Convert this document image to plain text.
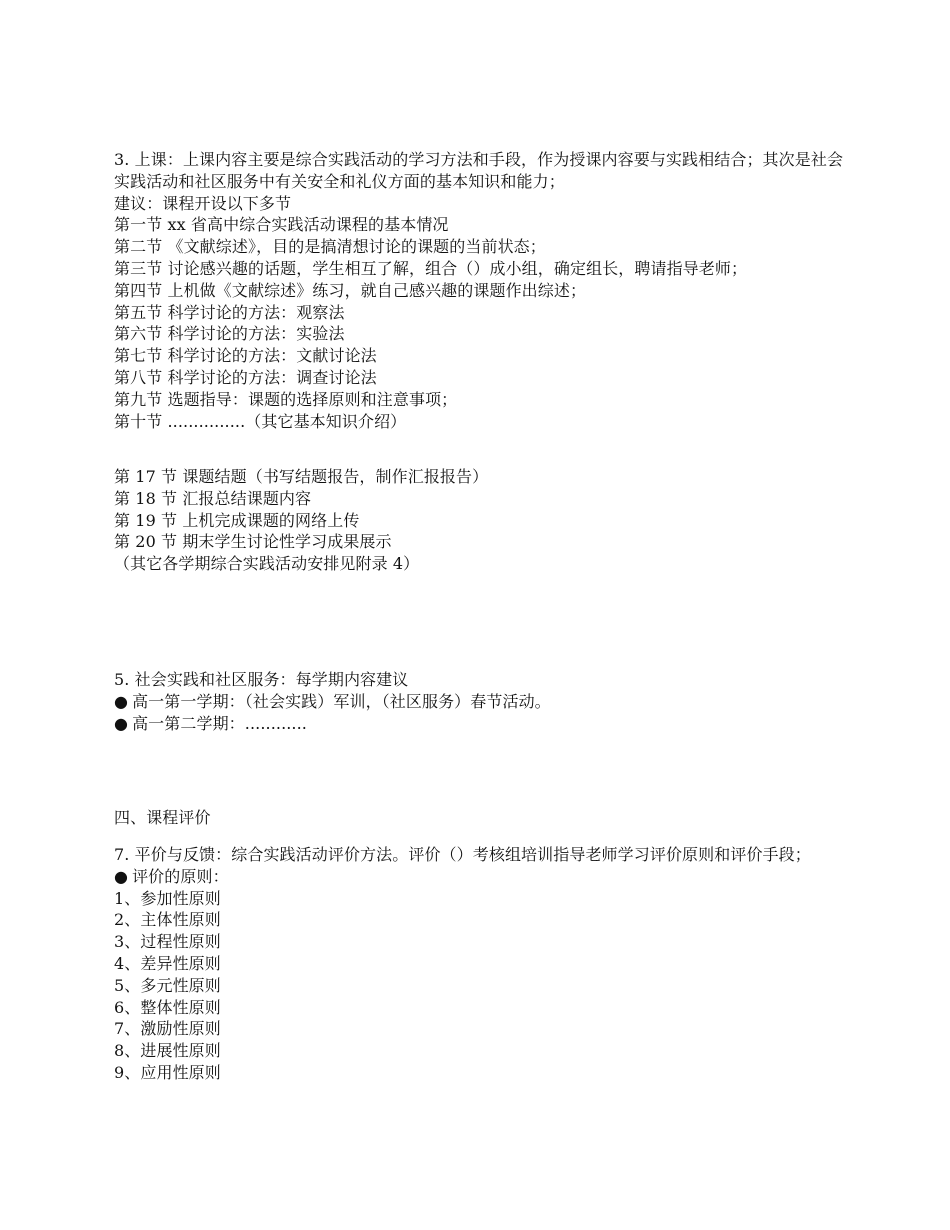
3. 上课：上课内容主要是综合实践活动的学习方法和手段，作为授课内容要与实践相结合；其次是社会实践活动和社区服务中有关安全和礼仪方面的基本知识和能力；
建议：课程开设以下多节
第一节 xx 省高中综合实践活动课程的基本情况
第二节 《文献综述》，目的是搞清想讨论的课题的当前状态；
第三节 讨论感兴趣的话题，学生相互了解，组合（）成小组，确定组长，聘请指导老师；
第四节 上机做《文献综述》练习，就自己感兴趣的课题作出综述；
第五节 科学讨论的方法：观察法
第六节 科学讨论的方法：实验法
第七节 科学讨论的方法：文献讨论法
第八节 科学讨论的方法：调查讨论法
第九节 选题指导：课题的选择原则和注意事项；
第十节 ...............（其它基本知识介绍）
第 17 节 课题结题（书写结题报告，制作汇报报告）
第 18 节 汇报总结课题内容
第 19 节 上机完成课题的网络上传
第 20 节 期末学生讨论性学习成果展示
（其它各学期综合实践活动安排见附录 4）
5. 社会实践和社区服务：每学期内容建议
● 高一第一学期：（社会实践）军训，（社区服务）春节活动。
● 高一第二学期：............
四、课程评价
7. 平价与反馈：综合实践活动评价方法。评价（）考核组培训指导老师学习评价原则和评价手段；
● 评价的原则：
1、参加性原则
2、主体性原则
3、过程性原则
4、差异性原则
5、多元性原则
6、整体性原则
7、激励性原则
8、进展性原则
9、应用性原则
